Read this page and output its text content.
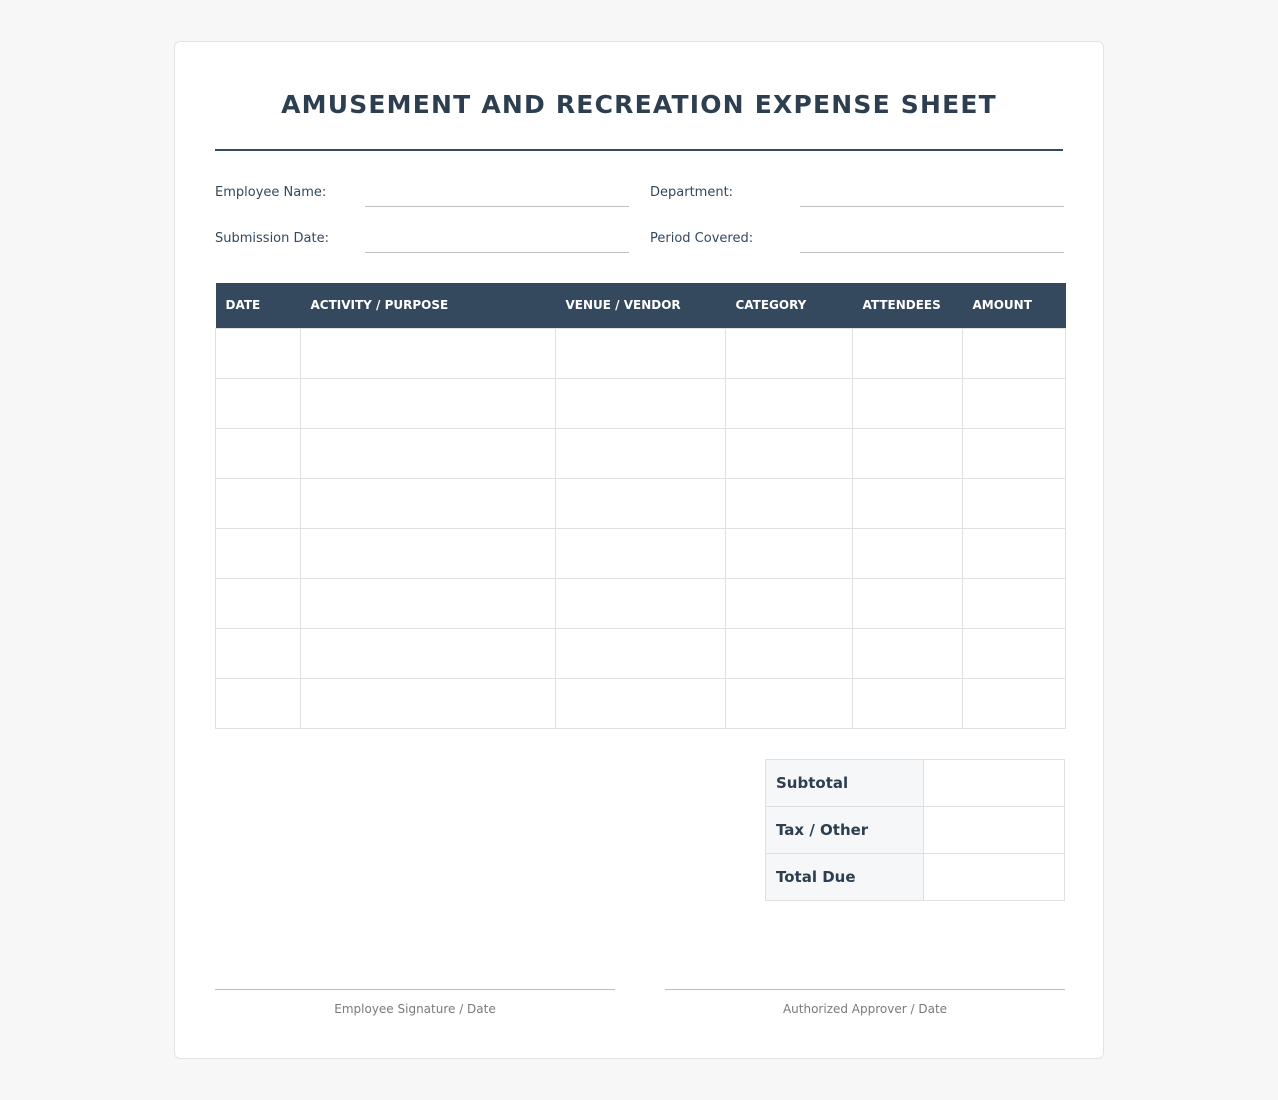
AMUSEMENT AND RECREATION EXPENSE SHEET
Employee Name:	Department:
Submission Date:	Period Covered:
DATE	ACTIVITY / PURPOSE	VENUE / VENDOR	CATEGORY	ATTENDEES	AMOUNT

Subtotal	
Tax / Other	
Total Due	
Employee Signature / Date	Authorized Approver / Date
